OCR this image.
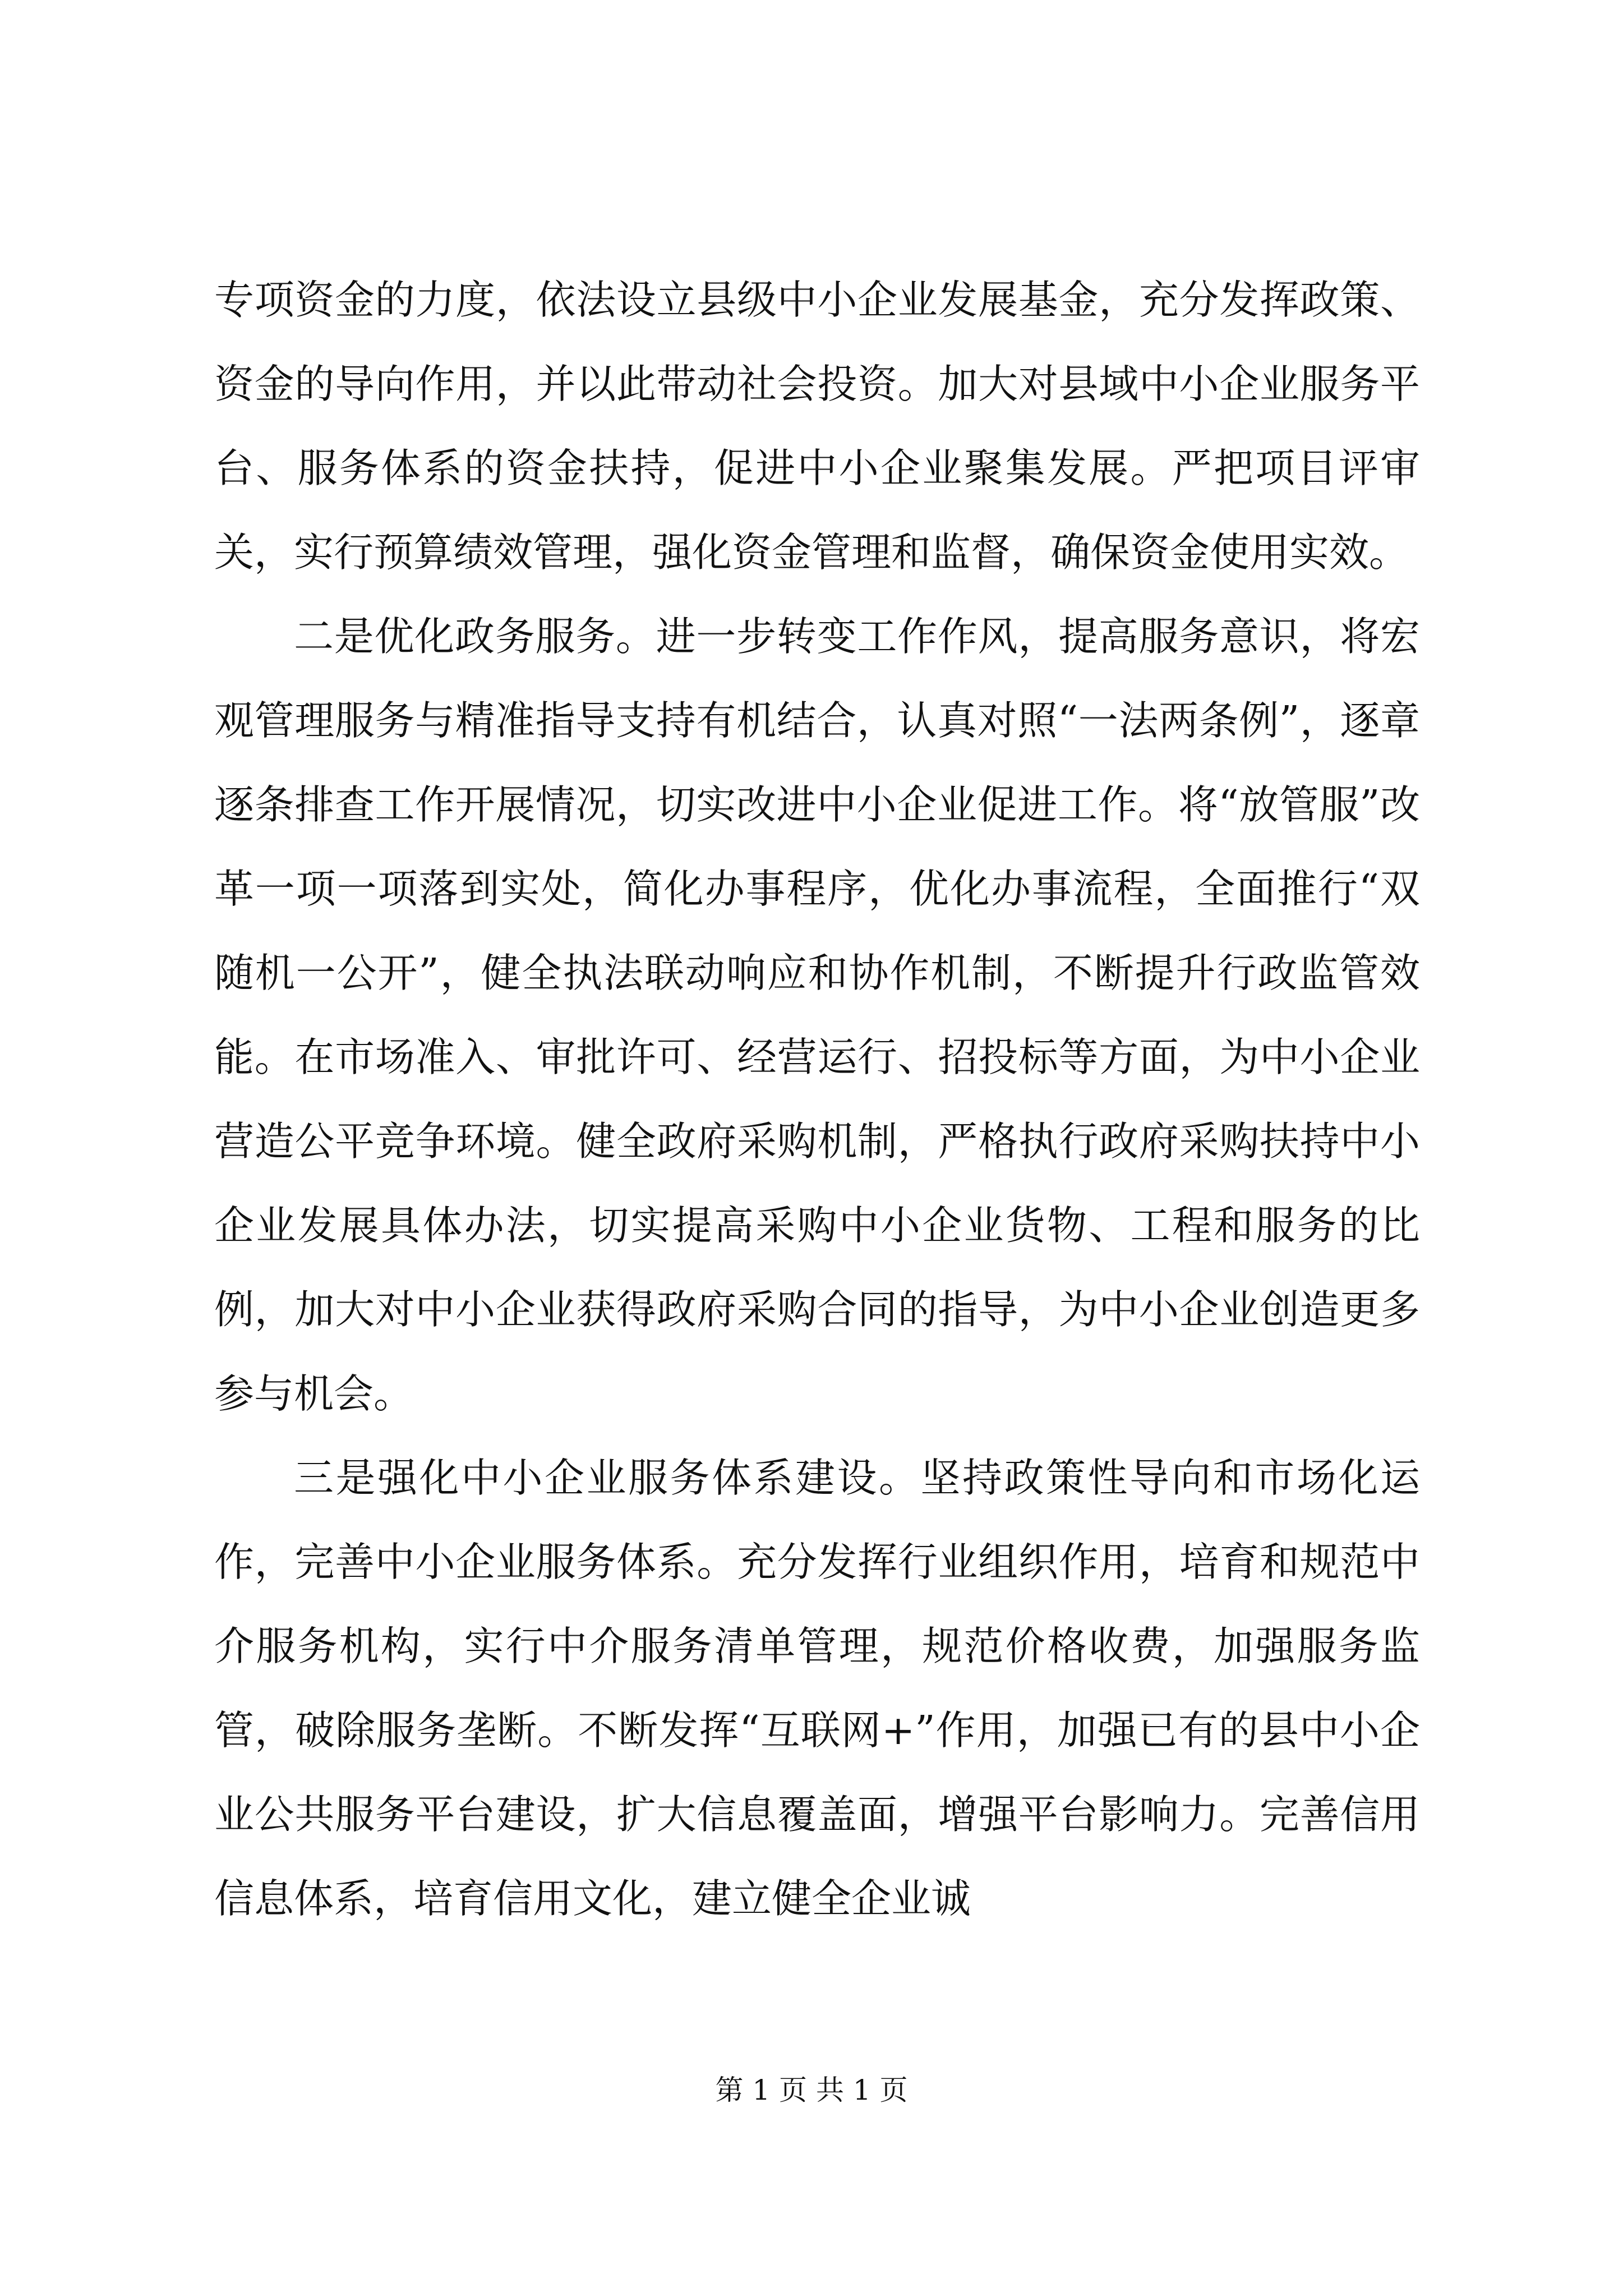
专项资金的力度，依法设立县级中小企业发展基金，充分发挥政策、资金的导向作用，并以此带动社会投资。加大对县域中小企业服务平台、服务体系的资金扶持，促进中小企业聚集发展。严把项目评审关，实行预算绩效管理，强化资金管理和监督，确保资金使用实效。

二是优化政务服务。进一步转变工作作风，提高服务意识，将宏观管理服务与精准指导支持有机结合，认真对照“一法两条例”，逐章逐条排查工作开展情况，切实改进中小企业促进工作。将“放管服”改革一项一项落到实处，简化办事程序，优化办事流程，全面推行“双随机一公开”，健全执法联动响应和协作机制，不断提升行政监管效能。在市场准入、审批许可、经营运行、招投标等方面，为中小企业营造公平竞争环境。健全政府采购机制，严格执行政府采购扶持中小企业发展具体办法，切实提高采购中小企业货物、工程和服务的比例，加大对中小企业获得政府采购合同的指导，为中小企业创造更多参与机会。

三是强化中小企业服务体系建设。坚持政策性导向和市场化运作，完善中小企业服务体系。充分发挥行业组织作用，培育和规范中介服务机构，实行中介服务清单管理，规范价格收费，加强服务监管，破除服务垄断。不断发挥“互联网+”作用，加强已有的县中小企业公共服务平台建设，扩大信息覆盖面，增强平台影响力。完善信用信息体系，培育信用文化，建立健全企业诚

第 1 页 共 1 页
